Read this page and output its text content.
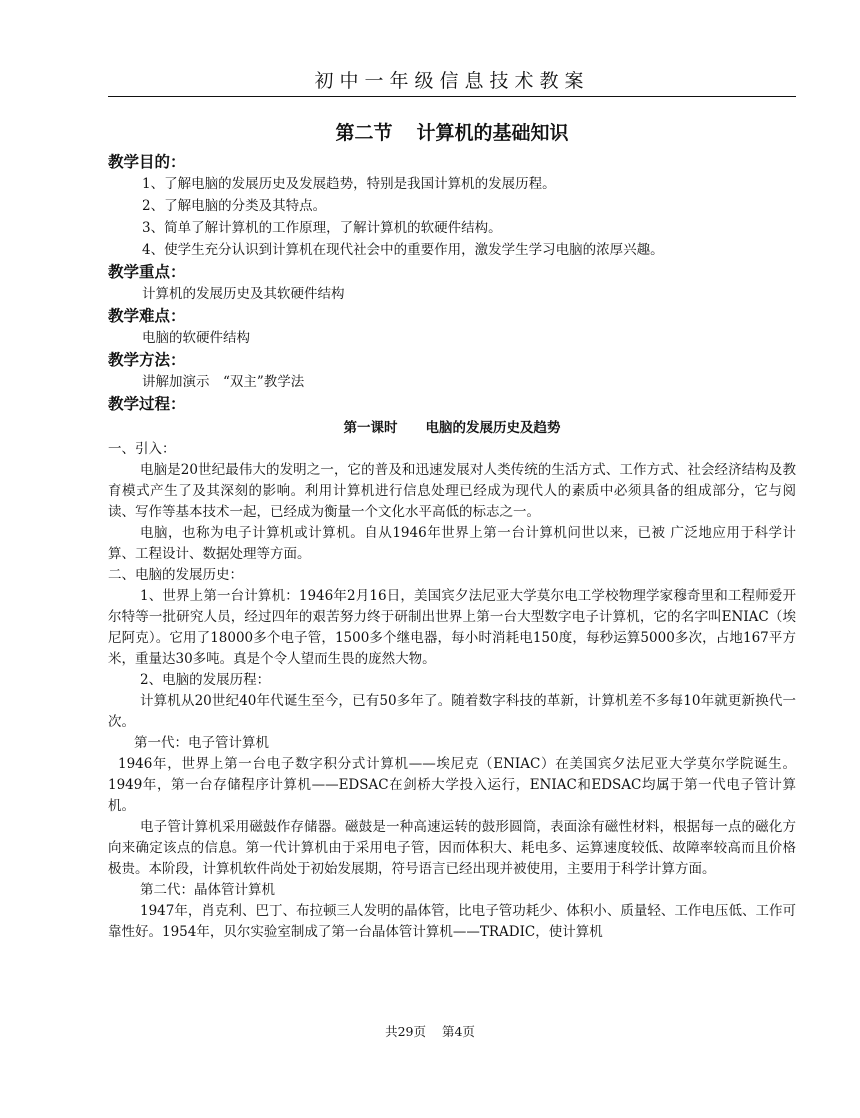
初中一年级信息技术教案
第二节 计算机的基础知识
教学目的：
1、了解电脑的发展历史及发展趋势，特别是我国计算机的发展历程。
2、了解电脑的分类及其特点。
3、简单了解计算机的工作原理，了解计算机的软硬件结构。
4、使学生充分认识到计算机在现代社会中的重要作用，激发学生学习电脑的浓厚兴趣。
教学重点：
计算机的发展历史及其软硬件结构
教学难点：
电脑的软硬件结构
教学方法：
讲解加演示　“双主”教学法
教学过程：
第一课时 电脑的发展历史及趋势
一、引入：

电脑是20世纪最伟大的发明之一，它的普及和迅速发展对人类传统的生活方式、工作方式、社会经济结构及教育模式产生了及其深刻的影响。利用计算机进行信息处理已经成为现代人的素质中必须具备的组成部分，它与阅读、写作等基本技术一起，已经成为衡量一个文化水平高低的标志之一。

电脑，也称为电子计算机或计算机。自从1946年世界上第一台计算机问世以来，已被 广泛地应用于科学计算、工程设计、数据处理等方面。

二、电脑的发展历史：

1、世界上第一台计算机：1946年2月16日，美国宾夕法尼亚大学莫尔电工学校物理学家穆奇里和工程师爱开尔特等一批研究人员，经过四年的艰苦努力终于研制出世界上第一台大型数字电子计算机，它的名字叫ENIAC（埃尼阿克）。它用了18000多个电子管，1500多个继电器，每小时消耗电150度，每秒运算5000多次，占地167平方米，重量达30多吨。真是个令人望而生畏的庞然大物。

2、电脑的发展历程：

计算机从20世纪40年代诞生至今，已有50多年了。随着数字科技的革新，计算机差不多每10年就更新换代一次。

第一代：电子管计算机

1946年，世界上第一台电子数字积分式计算机——埃尼克（ENIAC）在美国宾夕法尼亚大学莫尔学院诞生。1949年，第一台存储程序计算机——EDSAC在剑桥大学投入运行，ENIAC和EDSAC均属于第一代电子管计算机。

电子管计算机采用磁鼓作存储器。磁鼓是一种高速运转的鼓形圆筒，表面涂有磁性材料，根据每一点的磁化方向来确定该点的信息。第一代计算机由于采用电子管，因而体积大、耗电多、运算速度较低、故障率较高而且价格极贵。本阶段，计算机软件尚处于初始发展期，符号语言已经出现并被使用，主要用于科学计算方面。

第二代：晶体管计算机

1947年，肖克利、巴丁、布拉顿三人发明的晶体管，比电子管功耗少、体积小、质量轻、工作电压低、工作可靠性好。1954年，贝尔实验室制成了第一台晶体管计算机——TRADIC，使计算机

共29页 第4页
